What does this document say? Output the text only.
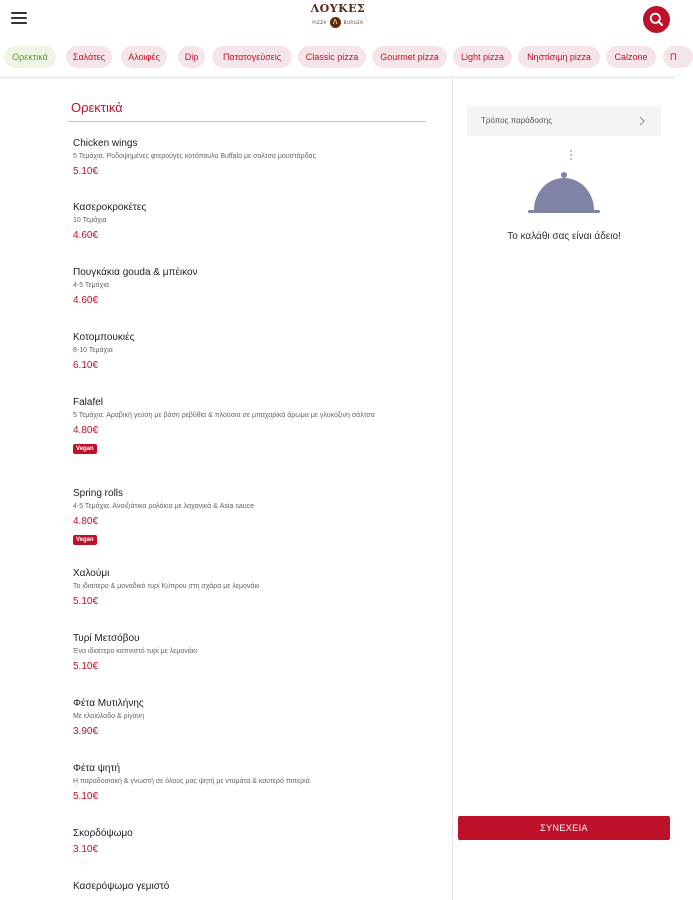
ΛΟΥΚΕΣ
PIZZA Λ	BURGER
Ορεκτικά	Σαλάτες	Αλοιφές	Dip	Πατατογεύσεις	Classic pizza	Gourmet pizza	Light pizza	Νηστίσιμη pizza	Calzone	Π
Ορεκτικά
Chicken wings
5 Τεμάχια. Ροδοψημένες φτερούγες κοτόπουλο Buffalo με σαλτσα μουστάρδας
5.10€
Κασεροκροκέτες
10 Τεμάχια
4.60€
Πουγκάκια gouda & μπέικον
4-5 Τεμάχια
4.60€
Κοτομπουκιές
8-10 Τεμάχια
6.10€
Falafel
5 Τεμάχια. Αραβική γεύση με βάση ρεβύθια & πλούσια σε μπαχαρικά άρωμα με γλυκόξινη σάλτσα
4.80€
Vegan
Spring rolls
4-5 Τεμάχια. Ανοιξιάτικα ρολάκια με λαχανικά & Asia sauce
4.80€
Vegan
Χαλούμι
Το ιδιαίτερο & μοναδικό τυρί Κύπρου στη σχάρα με λεμονάκι
5.10€
Τυρί Μετσόβου
Ένα ιδιαίτερο καπνιστό τυρί με λεμονάκι
5.10€
Φέτα Μυτιλήνης
Με ελαιόλαδο & ρίγανη
3.90€
Φέτα ψητή
Η παραδοσιακή & γνωστή σε όλους μας ψητή με ντομάτα & καυτερό πιπεριά
5.10€
Σκορδόψωμο
3.10€
Κασερόψωμο γεμιστό
Τρόπος παράδοσης
Το καλάθι σας είναι άδειο!
ΣΥΝΕΧΕΙΑ
